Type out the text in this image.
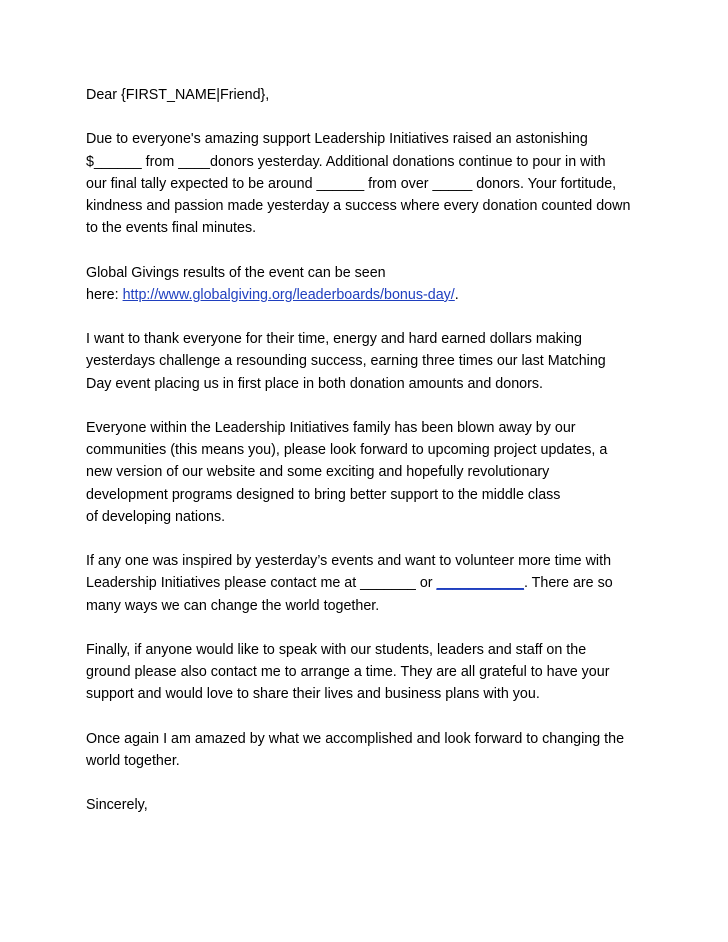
Dear {FIRST_NAME|Friend},

Due to everyone's amazing support Leadership Initiatives raised an astonishing
$______ from ____donors yesterday. Additional donations continue to pour in with
our final tally expected to be around ______ from over _____ donors. Your fortitude,
kindness and passion made yesterday a success where every donation counted down
to the events final minutes.

Global Givings results of the event can be seen
here: http://www.globalgiving.org/leaderboards/bonus-day/.

I want to thank everyone for their time, energy and hard earned dollars making
yesterdays challenge a resounding success, earning three times our last Matching
Day event placing us in first place in both donation amounts and donors.

Everyone within the Leadership Initiatives family has been blown away by our
communities (this means you), please look forward to upcoming project updates, a
new version of our website and some exciting and hopefully revolutionary
development programs designed to bring better support to the middle class
of developing nations.

If any one was inspired by yesterday’s events and want to volunteer more time with
Leadership Initiatives please contact me at _______ or ___________. There are so
many ways we can change the world together.

Finally, if anyone would like to speak with our students, leaders and staff on the
ground please also contact me to arrange a time. They are all grateful to have your
support and would love to share their lives and business plans with you.

Once again I am amazed by what we accomplished and look forward to changing the
world together.

Sincerely,
